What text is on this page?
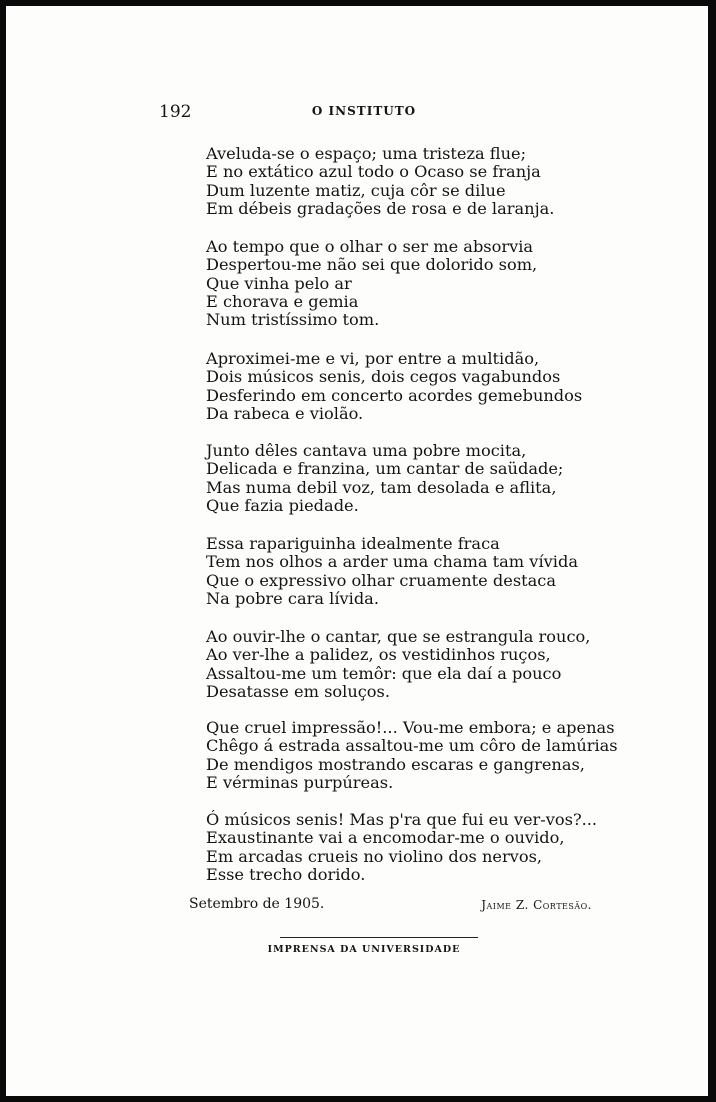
192	O INSTITUTO
Aveluda-se o espaço; uma tristeza flue;
E no extático azul todo o Ocaso se franja
Dum luzente matiz, cuja côr se dilue
Em débeis gradações de rosa e de laranja.
Ao tempo que o olhar o ser me absorvia
Despertou-me não sei que dolorido som,
Que vinha pelo ar
E chorava e gemia
Num tristíssimo tom.
Aproximei-me e vi, por entre a multidão,
Dois músicos senis, dois cegos vagabundos
Desferindo em concerto acordes gemebundos
Da rabeca e violão.
Junto dêles cantava uma pobre mocita,
Delicada e franzina, um cantar de saüdade;
Mas numa debil voz, tam desolada e aflita,
Que fazia piedade.
Essa rapariguinha idealmente fraca
Tem nos olhos a arder uma chama tam vívida
Que o expressivo olhar cruamente destaca
Na pobre cara lívida.
Ao ouvir-lhe o cantar, que se estrangula rouco,
Ao ver-lhe a palidez, os vestidinhos ruços,
Assaltou-me um temôr: que ela daí a pouco
Desatasse em soluços.
Que cruel impressão!... Vou-me embora; e apenas
Chêgo á estrada assaltou-me um côro de lamúrias
De mendigos mostrando escaras e gangrenas,
E vérminas purpúreas.
Ó músicos senis! Mas p'ra que fui eu ver-vos?...
Exaustinante vai a encomodar-me o ouvido,
Em arcadas crueis no violino dos nervos,
Esse trecho dorido.
Setembro de 1905.	Jaime Z. Cortesão.
IMPRENSA DA UNIVERSIDADE
